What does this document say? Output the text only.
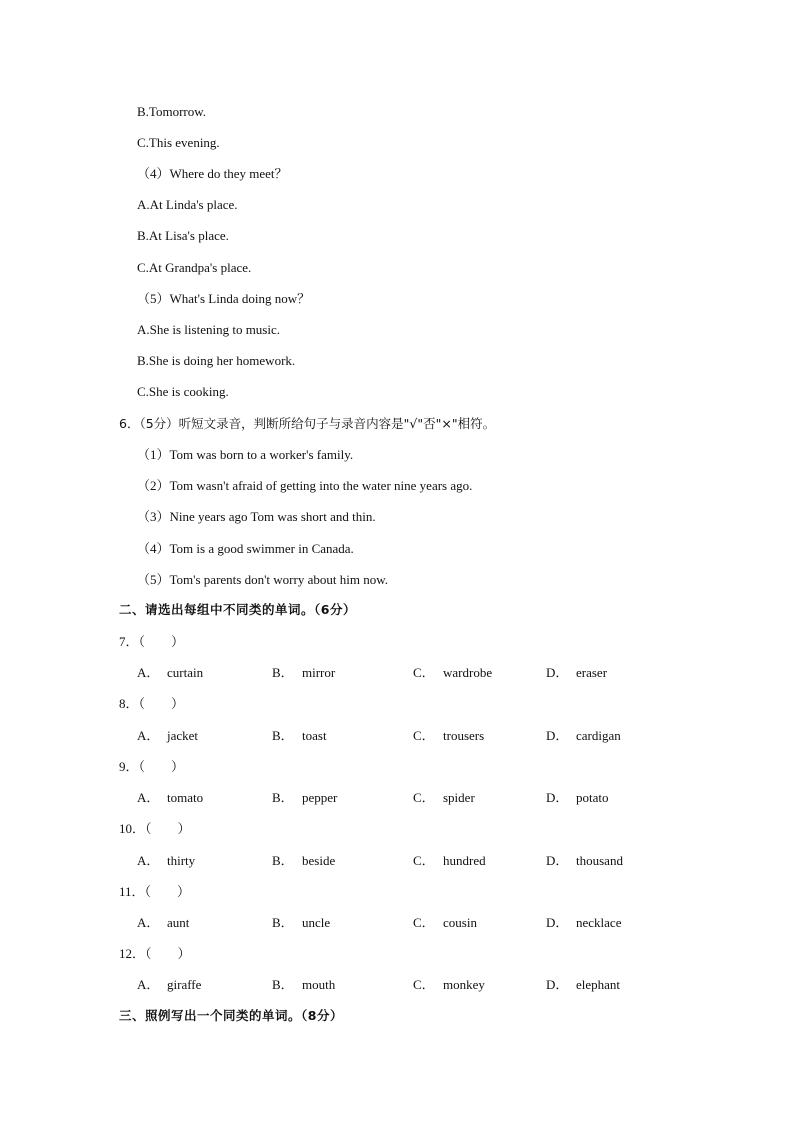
B.Tomorrow.
C.This evening.
（4）Where do they meet？
A.At Linda's place.
B.At Lisa's place.
C.At Grandpa's place.
（5）What's Linda doing now？
A.She is listening to music.
B.She is doing her homework.
C.She is cooking.
6．（5分）听短文录音，判断所给句子与录音内容是"√"否"×"相符。
（1）Tom was born to a worker's family.
（2）Tom wasn't afraid of getting into the water nine years ago.
（3）Nine years ago Tom was short and thin.
（4）Tom is a good swimmer in Canada.
（5）Tom's parents don't worry about him now.
二、请选出每组中不同类的单词。（6分）
7．（　　）
A． curtain	B． mirror	C． wardrobe	D． eraser
8．（　　）
A． jacket	B． toast	C． trousers	D． cardigan
9．（　　）
A． tomato	B． pepper	C． spider	D． potato
10．（　　）
A． thirty	B． beside	C． hundred	D． thousand
11．（　　）
A． aunt	B． uncle	C． cousin	D． necklace
12．（　　）
A． giraffe	B． mouth	C． monkey	D． elephant
三、照例写出一个同类的单词。（8分）
